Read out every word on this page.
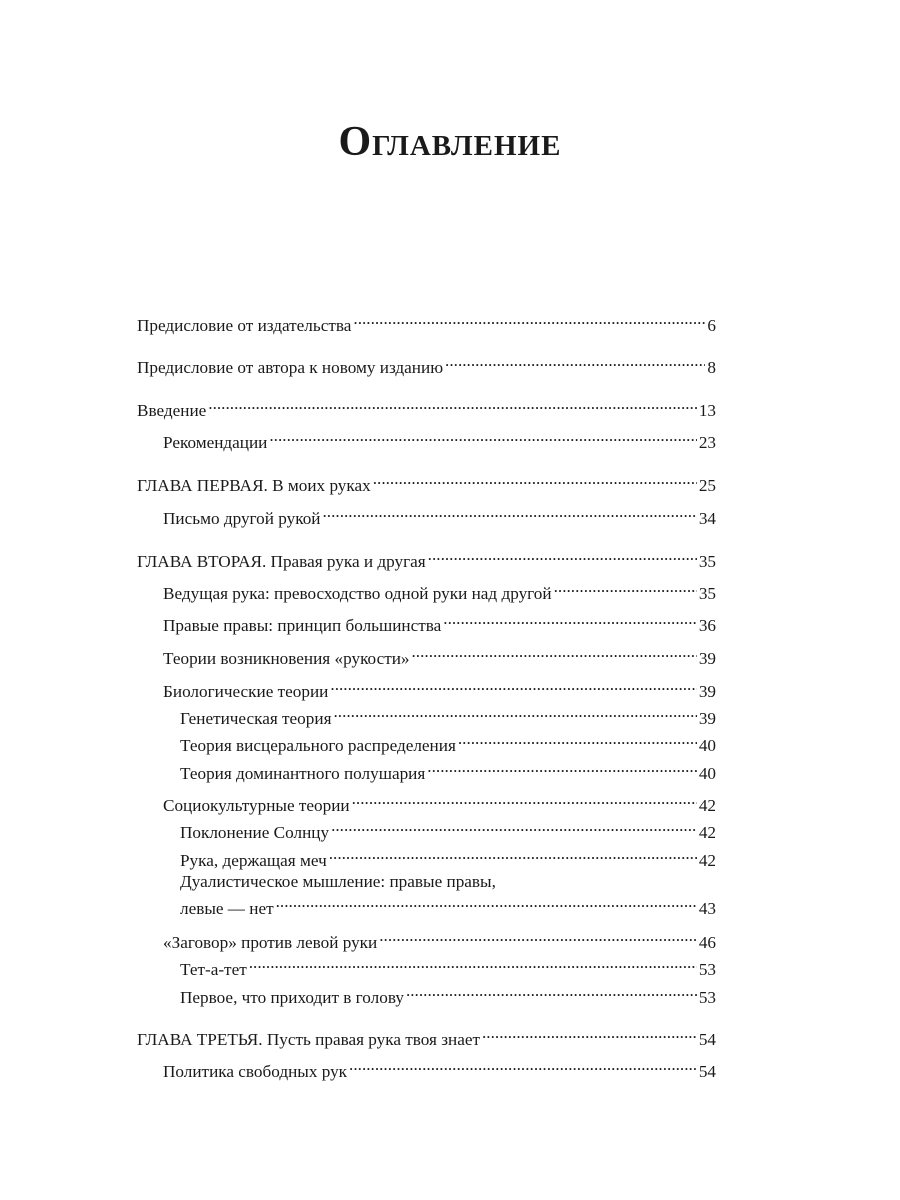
Оглавление
Предисловие от издательства .....	6
Предисловие от автора к новому изданию .....	8
Введение .....	13
Рекомендации .....	23
ГЛАВА ПЕРВАЯ. В моих руках .....	25
Письмо другой рукой .....	34
ГЛАВА ВТОРАЯ. Правая рука и другая .....	35
Ведущая рука: превосходство одной руки над другой .....	35
Правые правы: принцип большинства .....	36
Теории возникновения «рукости» .....	39
Биологические теории .....	39
Генетическая теория .....	39
Теория висцерального распределения .....	40
Теория доминантного полушария .....	40
Социокультурные теории .....	42
Поклонение Солнцу .....	42
Рука, держащая меч .....	42
Дуалистическое мышление: правые правы,
левые — нет .....	43
«Заговор» против левой руки .....	46
Тет-а-тет .....	53
Первое, что приходит в голову .....	53
ГЛАВА ТРЕТЬЯ. Пусть правая рука твоя знает .....	54
Политика свободных рук .....	54
